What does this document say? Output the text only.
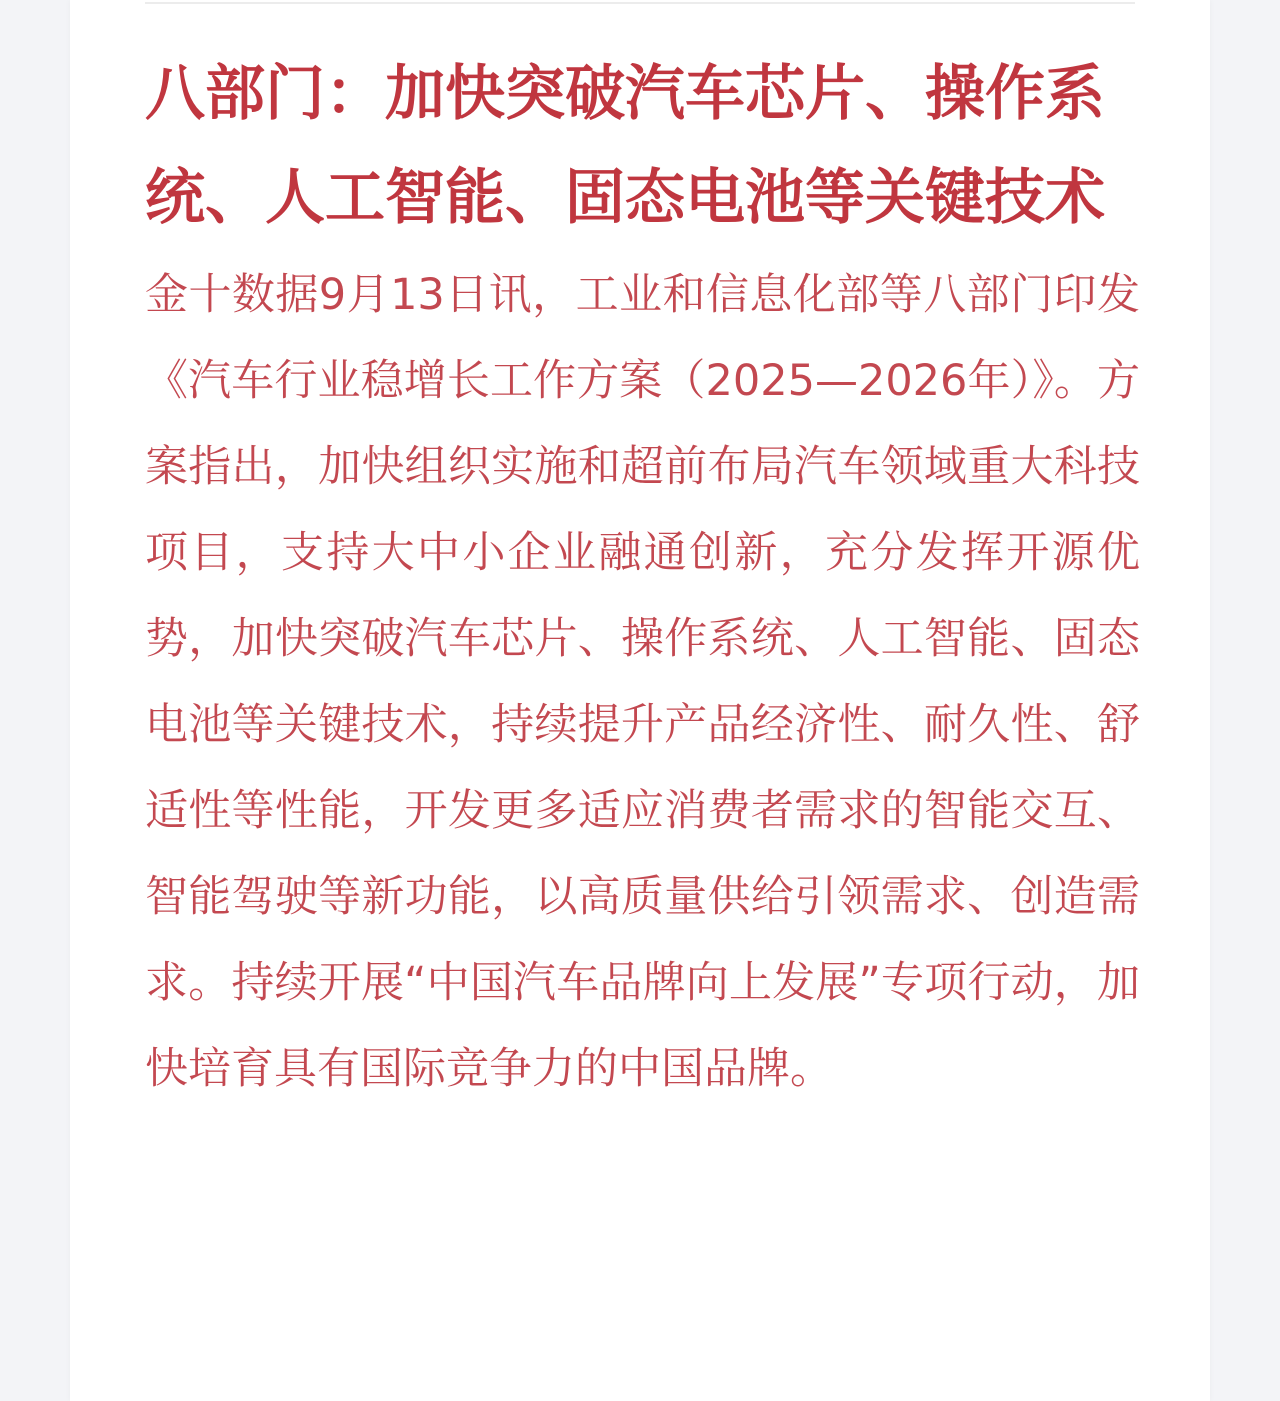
八部门：加快突破汽车芯片、操作系统、人工智能、固态电池等关键技术

金十数据9月13日讯，工业和信息化部等八部门印发《汽车行业稳增长工作方案（2025—2026年）》。方案指出，加快组织实施和超前布局汽车领域重大科技项目，支持大中小企业融通创新，充分发挥开源优势，加快突破汽车芯片、操作系统、人工智能、固态电池等关键技术，持续提升产品经济性、耐久性、舒适性等性能，开发更多适应消费者需求的智能交互、智能驾驶等新功能，以高质量供给引领需求、创造需求。持续开展“中国汽车品牌向上发展”专项行动，加快培育具有国际竞争力的中国品牌。
